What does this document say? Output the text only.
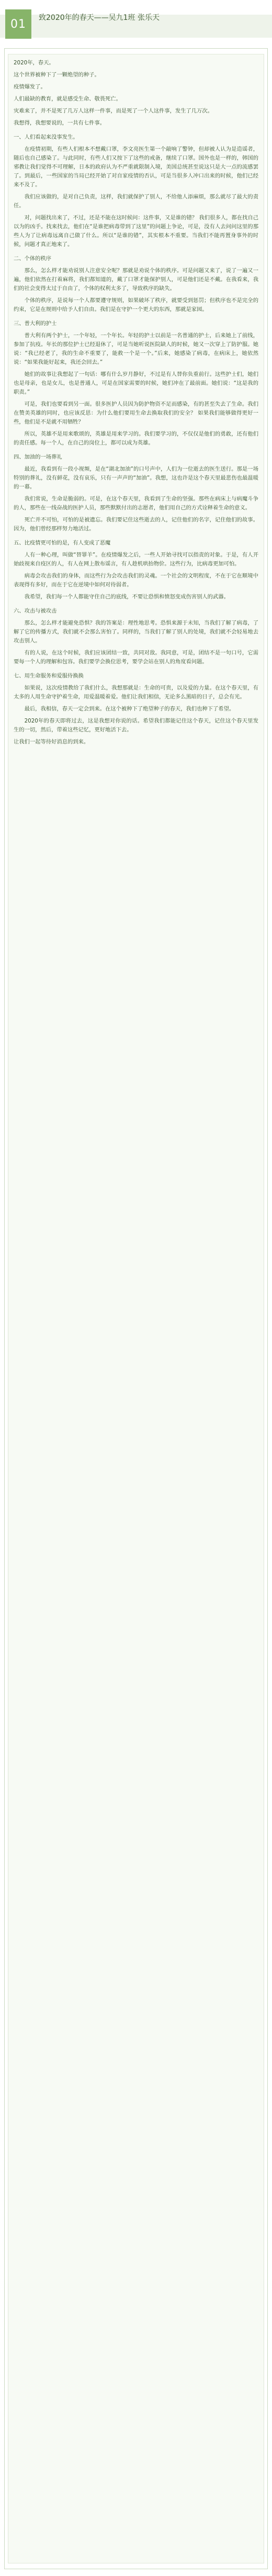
01	致2020年的春天——吴九1班 张乐天

2020年，春天。

这个世界被种下了一颗绝望的种子。

疫情爆发了。

人们最缺的教育，就是感受生命、敬畏死亡。

灾难来了，并不是死了几万人这样一件事，而是死了一个人这件事，发生了几万次。

我想得，我想要说的，一共有七件事。

一、人们看起来没事发生。

在疫情初期，有些人们根本不想戴口罩，李文亮医生第一个敲响了警钟，但却被人认为是造谣者，随后也自己感染了。与此同时，有些人们又按下了这些的戒备，继续了口罩。国外也是一样的，韩国的邪教让我们觉得不可理解，日本的政府认为不严重就限制入境，美国总统甚至说这只是大一点的流感罢了。到最后，一些国家的当局已经开始了对自家疫情的否认，可是当很多人冲口出来的时候，他们已经来不及了。

我们应该做的，是对自己负责，这样，我们就保护了别人，不给他人添麻烦，那么就尽了最大的责任。

对，问题找出来了，不过，还是不能在这时候问：这件事，又是谁的错？ 我们很多人，都在找自己以为的凶手。找来找去，他们在“是谁把病毒带到了这里”的问题上争论，可是，没有人去问问这里的那些人为了让病毒远离自己做了什么。所以“是谁的错”，其实根本不重要。当我们不能再置身事外的时候，问题才真正地来了。

二、个体的秩序

那么，怎么样才能劝说别人注意安全呢？那就是劝说个体的秩序。可是问题又来了，说了一遍又一遍，他们依然在打着麻将，我们都知道的，戴了口罩才能保护别人，可是他们还是不戴。在我看来，我们的社会变得太过于自由了，个体的权利太多了，导致秩序的缺失。

个体的秩序，是说每一个人都要遵守规则，如果破坏了秩序，就要受到惩罚；但秩序也不是完全的约束，它是在规则中给予人们自由。我们是在守护一个更大的东西，那就是家园。

三、普大利的护士

普大利有两个护士，一个年轻，一个年长。年轻的护士以前是一名普通的护士，后来她上了前线，参加了抗疫。年长的那位护士已经退休了，可是当她听说医院缺人的时候，她又一次穿上了防护服。她说：“我已经老了，我的生命不重要了，能救一个是一个。”后来，她感染了病毒，在病床上，她依然说：“如果我能好起来，我还会回去。”

她们的故事让我想起了一句话：哪有什么岁月静好，不过是有人替你负重前行。这些护士们，她们也是母亲，也是女儿，也是普通人，可是在国家需要的时候，她们冲在了最前面。她们说：“这是我的职责。”

可是，我们也要看到另一面。很多医护人员因为防护物资不足而感染，有的甚至失去了生命。我们在赞美英雄的同时，也应该反思：为什么他们要用生命去换取我们的安全？ 如果我们能够做得更好一些，他们是不是就不用牺牲？

所以，英雄不是用来歌颂的，英雄是用来学习的。我们要学习的，不仅仅是他们的勇敢，还有他们的责任感。每一个人，在自己的岗位上，都可以成为英雄。

四、加油的一场葬礼

最近，我看到有一段小视频，是在“湖北加油”的口号声中，人们为一位逝去的医生送行。那是一场特别的葬礼，没有鲜花，没有哀乐，只有一声声的“加油”。我想，这也许是这个春天里最悲伤也最温暖的一幕。

我们常说，生命是脆弱的。可是，在这个春天里，我看到了生命的坚强。那些在病床上与病魔斗争的人，那些在一线奋战的医护人员，那些默默付出的志愿者，他们用自己的方式诠释着生命的意义。

死亡并不可怕，可怕的是被遗忘。我们要记住这些逝去的人，记住他们的名字，记住他们的故事。因为，他们曾经那样努力地活过。

五、比疫情更可怕的是，有人变成了恶魔

人有一种心理，叫做“替罪羊”。在疫情爆发之后，一些人开始寻找可以指责的对象。于是，有人开始歧视来自疫区的人，有人在网上散布谣言，有人趁机哄抬物价。这些行为，比病毒更加可怕。

病毒会攻击我们的身体，而这些行为会攻击我们的灵魂。一个社会的文明程度，不在于它在顺境中表现得有多好，而在于它在逆境中如何对待弱者。

我希望，我们每一个人都能守住自己的底线，不要让恐惧和愤怒变成伤害别人的武器。

六、攻击与被攻击

那么，怎么样才能避免恐惧？我的答案是：理性地思考。恐惧来源于未知，当我们了解了病毒，了解了它的传播方式，我们就不会那么害怕了。同样的，当我们了解了别人的处境，我们就不会轻易地去攻击别人。

有的人说，在这个时候，我们应该团结一致，共同对敌。我同意，可是，团结不是一句口号，它需要每一个人的理解和包容。我们要学会换位思考，要学会站在别人的角度看问题。

七、用生命服务和爱服侍换换

如果说，这次疫情教给了我们什么，我想那就是：生命的可贵，以及爱的力量。在这个春天里，有太多的人用生命守护着生命，用爱温暖着爱。他们让我们相信，无论多么黑暗的日子，总会有光。

最后，我相信，春天一定会到来。在这个被种下了绝望种子的春天，我们也种下了希望。

2020年的春天即将过去，这是我想对你说的话。希望我们都能记住这个春天，记住这个春天里发生的一切，然后，带着这些记忆，更好地活下去。

让我们一起等待好消息的到来。
